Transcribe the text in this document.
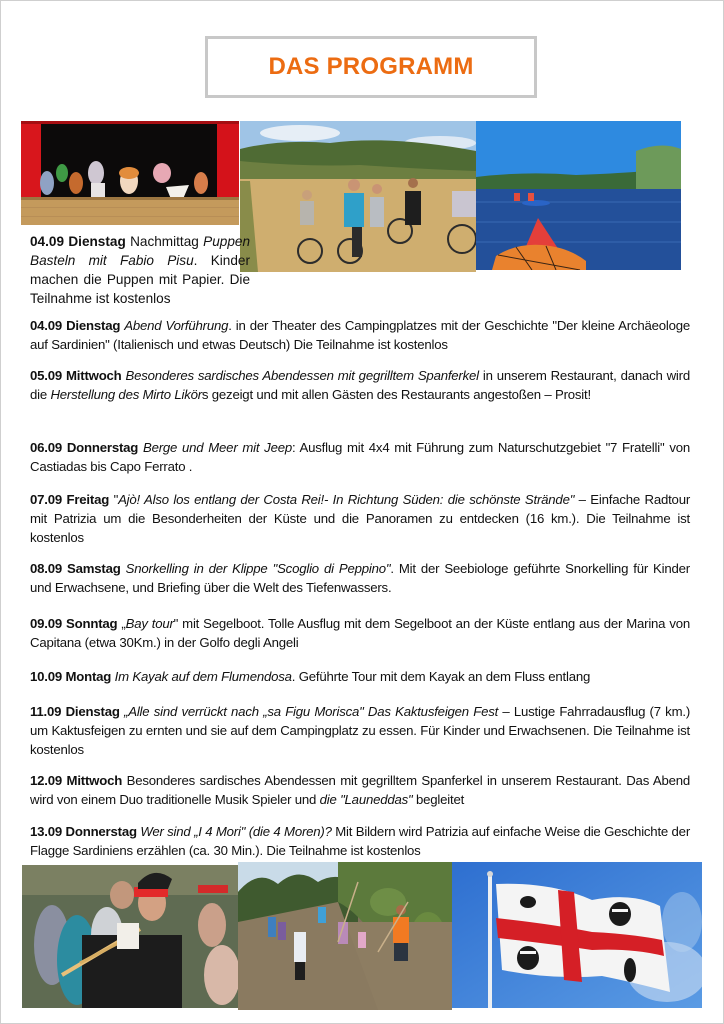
DAS PROGRAMM
04.09 Dienstag Nachmittag Puppen Basteln mit Fabio Pisu. Kinder machen die Puppen mit Papier. Die Teilnahme ist kostenlos
04.09 Dienstag Abend Vorführung. in der Theater des Campingplatzes mit der Geschichte "Der kleine Archäeologe auf Sardinien" (Italienisch und etwas Deutsch) Die Teilnahme ist kostenlos
05.09 Mittwoch Besonderes sardisches Abendessen mit gegrilltem Spanferkel in unserem Restaurant, danach wird die Herstellung des Mirto Likörs gezeigt und mit allen Gästen des Restaurants angestoßen – Prosit!
06.09 Donnerstag Berge und Meer mit Jeep: Ausflug mit 4x4 mit Führung zum Naturschutzgebiet "7 Fratelli" von Castiadas bis Capo Ferrato .
07.09 Freitag "Ajò! Also los entlang der Costa Rei!- In Richtung Süden: die schönste Strände" – Einfache Radtour mit Patrizia um die Besonderheiten der Küste und die Panoramen zu entdecken (16 km.). Die Teilnahme ist kostenlos
08.09 Samstag Snorkelling in der Klippe "Scoglio di Peppino". Mit der Seebiologe geführte Snorkelling für Kinder und Erwachsene, und Briefing über die Welt des Tiefenwassers.
09.09 Sonntag „Bay tour" mit Segelboot. Tolle Ausflug mit dem Segelboot an der Küste entlang aus der Marina von Capitana (etwa 30Km.) in der Golfo degli Angeli
10.09 Montag Im Kayak auf dem Flumendosa. Geführte Tour mit dem Kayak an dem Fluss entlang
11.09 Dienstag „Alle sind verrückt nach „sa Figu Morisca" Das Kaktusfeigen Fest – Lustige Fahrradausflug (7 km.) um Kaktusfeigen zu ernten und sie auf dem Campingplatz zu essen. Für Kinder und Erwachsenen. Die Teilnahme ist kostenlos
12.09 Mittwoch Besonderes sardisches Abendessen mit gegrilltem Spanferkel in unserem Restaurant. Das Abend wird von einem Duo traditionelle Musik Spieler und die "Launeddas" begleitet
13.09 Donnerstag Wer sind „I 4 Mori" (die 4 Moren)? Mit Bildern wird Patrizia auf einfache Weise die Geschichte der Flagge Sardiniens erzählen (ca. 30 Min.). Die Teilnahme ist kostenlos
